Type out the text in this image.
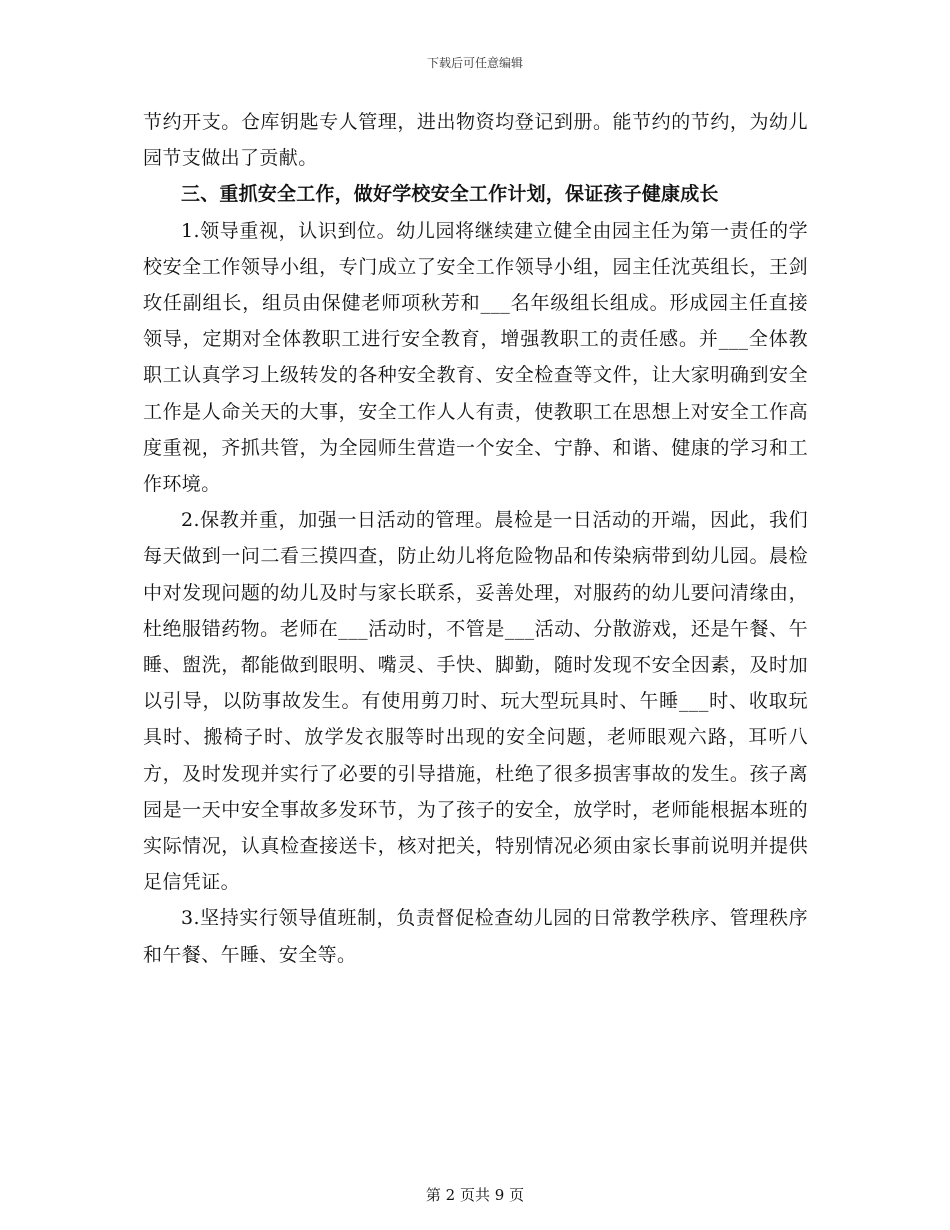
下载后可任意编辑

节约开支。仓库钥匙专人管理，进出物资均登记到册。能节约的节约，为幼儿园节支做出了贡献。

三、重抓安全工作，做好学校安全工作计划，保证孩子健康成长

1.领导重视，认识到位。幼儿园将继续建立健全由园主任为第一责任的学校安全工作领导小组，专门成立了安全工作领导小组，园主任沈英组长，王剑玫任副组长，组员由保健老师项秋芳和___名年级组长组成。形成园主任直接领导，定期对全体教职工进行安全教育，增强教职工的责任感。并___全体教职工认真学习上级转发的各种安全教育、安全检查等文件，让大家明确到安全工作是人命关天的大事，安全工作人人有责，使教职工在思想上对安全工作高度重视，齐抓共管，为全园师生营造一个安全、宁静、和谐、健康的学习和工作环境。

2.保教并重，加强一日活动的管理。晨检是一日活动的开端，因此，我们每天做到一问二看三摸四查，防止幼儿将危险物品和传染病带到幼儿园。晨检中对发现问题的幼儿及时与家长联系，妥善处理，对服药的幼儿要问清缘由，杜绝服错药物。老师在___活动时，不管是___活动、分散游戏，还是午餐、午睡、盥洗，都能做到眼明、嘴灵、手快、脚勤，随时发现不安全因素，及时加以引导，以防事故发生。有使用剪刀时、玩大型玩具时、午睡___时、收取玩具时、搬椅子时、放学发衣服等时出现的安全问题，老师眼观六路，耳听八方，及时发现并实行了必要的引导措施，杜绝了很多损害事故的发生。孩子离园是一天中安全事故多发环节，为了孩子的安全，放学时，老师能根据本班的实际情况，认真检查接送卡，核对把关，特别情况必须由家长事前说明并提供足信凭证。

3.坚持实行领导值班制，负责督促检查幼儿园的日常教学秩序、管理秩序和午餐、午睡、安全等。

第 2 页共 9 页
